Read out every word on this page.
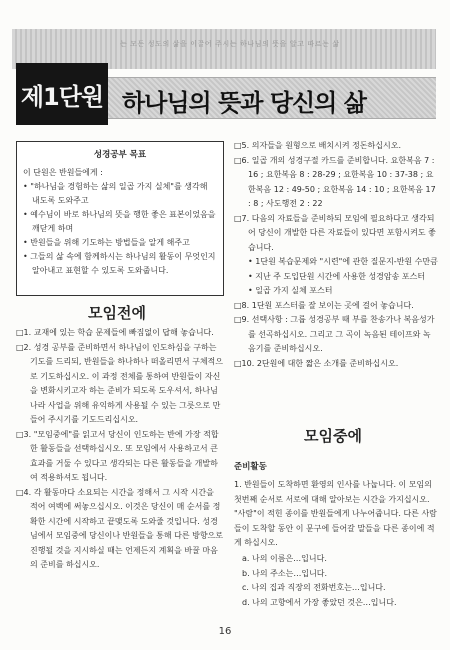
는 모든 성도의 삶을 이끌어 주시는 하나님의 뜻을 알고 따르는 삶
제1단원 하나님의 뜻과 당신의 삶
성경공부 목표
이 단원은 반원들에게 :
• "하나님을 경험하는 삶의 일곱 가지 실체"를 생각해 내도록 도와주고
• 예수님이 바로 하나님의 뜻을 행한 좋은 표본이었음을 깨닫게 하며
• 반원들을 위해 기도하는 방법들을 알게 해주고
• 그들의 삶 속에 함께하시는 하나님의 활동이 무엇인지 알아내고 표현할 수 있도록 도와줍니다.
모임전에
□1. 교재에 있는 학습 문제들에 빠짐없이 답해 놓습니다.
□2. 성경 공부를 준비하면서 하나님이 인도하심을 구하는 기도를 드리되, 반원들을 하나하나 떠올리면서 구체적으로 기도하십시오. 이 과정 전체를 통하여 반원들이 자신을 변화시키고자 하는 준비가 되도록 도우셔서, 하나님 나라 사업을 위해 유익하게 사용될 수 있는 그릇으로 만들어 주시기를 기도드리십시오.
□3. "모임중에"를 읽고서 당신이 인도하는 반에 가장 적합한 활동들을 선택하십시오. 또 모임에서 사용하고서 큰 효과를 거둘 수 있다고 생각되는 다른 활동들을 개발하여 적용하셔도 됩니다.
□4. 각 활동마다 소요되는 시간을 정해서 그 시작 시간을 적어 여백에 써놓으십시오. 이것은 당신이 매 순서를 정확한 시간에 시작하고 끝맺도록 도와줄 것입니다. 성경님에서 모임중에 당신이나 반원들을 통해 다른 방향으로 진행될 것을 지시하실 때는 언제든지 계획을 바꿀 마음의 준비를 하십시오.
□5. 의자들을 원형으로 배치시켜 정돈하십시오.
□6. 일곱 개의 성경구절 카드를 준비합니다. 요한복음 7 : 16 ; 요한복음 8 : 28-29 ; 요한복음 10 : 37-38 ; 요한복음 12 : 49-50 ; 요한복음 14 : 10 ; 요한복음 17 : 8 ; 사도행전 2 : 22
□7. 다음의 자료들을 준비하되 모임에 필요하다고 생각되어 당신이 개발한 다른 자료들이 있다면 포함시켜도 좋습니다.
• 1단원 복습문제와 "시련"에 관한 질문지-반원 수만큼
• 지난 주 도입단원 시간에 사용한 성경암송 포스터
• 일곱 가지 실체 포스터
□8. 1단원 포스터를 잘 보이는 곳에 걸어 놓습니다.
□9. 선택사항 : 그룹 성경공부 때 부를 찬송가나 복음성가를 선곡하십시오. 그리고 그 곡이 녹음된 테이프와 녹음기를 준비하십시오.
□10. 2단원에 대한 짧은 소개를 준비하십시오.
모임중에
준비활동

1. 반원들이 도착하면 환영의 인사를 나눕니다. 이 모임의 첫번째 순서로 서로에 대해 알아보는 시간을 가지십시오. "사람"이 적힌 종이를 반원들에게 나누어줍니다. 다른 사람들이 도착할 동안 이 문구에 들어갈 말들을 다른 종이에 적게 하십시오.

a. 나의 이름은…입니다.
b. 나의 주소는…입니다.
c. 나의 집과 직장의 전화번호는…입니다.
d. 나의 고향에서 가장 좋았던 것은…입니다.
16
